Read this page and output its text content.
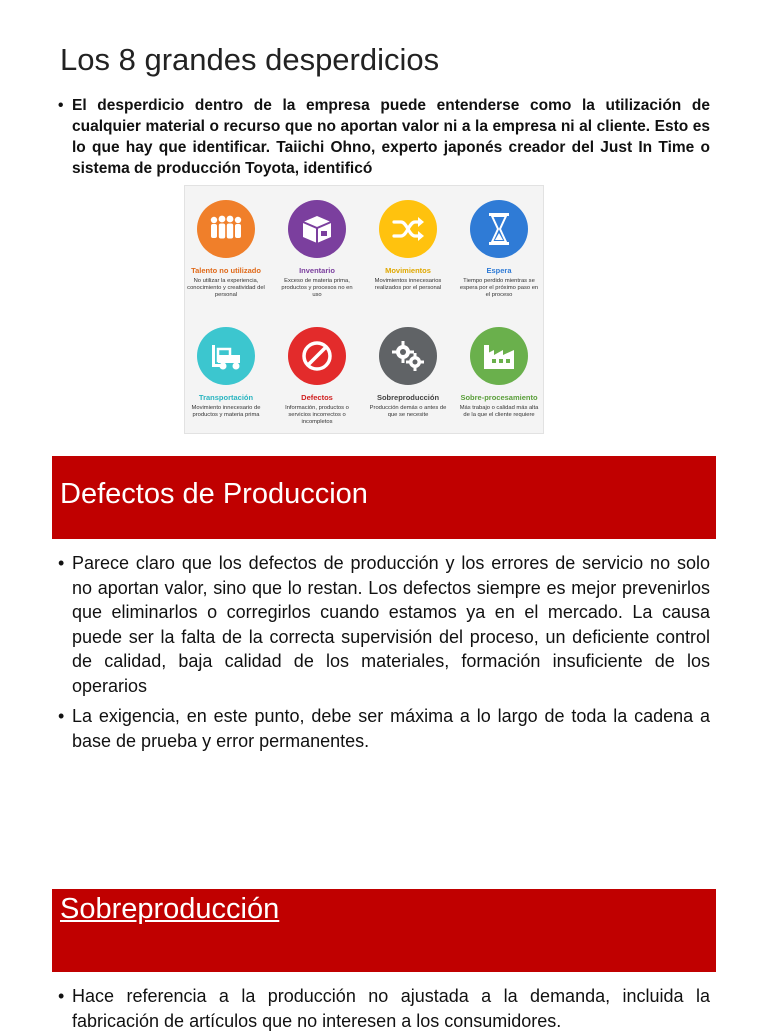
Los 8 grandes desperdicios
• El desperdicio dentro de la empresa puede entenderse como la utilización de cualquier material o recurso que no aportan valor ni a la empresa ni al cliente. Esto es lo que hay que identificar. Taiichi Ohno, experto japonés creador del Just In Time o sistema de producción Toyota, identificó
Talento no utilizado
No utilizar la experiencia, conocimiento y creatividad del personal
Inventario
Exceso de materia prima, productos y procesos no en uso
Movimientos
Movimientos innecesarios realizados por el personal
Espera
Tiempo perdido mientras se espera por el próximo paso en el proceso
Transportación
Movimiento innecesario de productos y materia prima
Defectos
Información, productos o servicios incorrectos o incompletos
Sobreproducción
Producción demás o antes de que se necesite
Sobre-procesamiento
Más trabajo o calidad más alta de la que el cliente requiere
Defectos de Produccion
• Parece claro que los defectos de producción y los errores de servicio no solo no aportan valor, sino que lo restan. Los defectos siempre es mejor prevenirlos que eliminarlos o corregirlos cuando estamos ya en el mercado. La causa puede ser la falta de la correcta supervisión del proceso, un deficiente control de calidad, baja calidad de los materiales, formación insuficiente de los operarios
• La exigencia, en este punto, debe ser máxima a lo largo de toda la cadena a base de prueba y error permanentes.
Sobreproducción
• Hace referencia a la producción no ajustada a la demanda, incluida la fabricación de artículos que no interesen a los consumidores.
